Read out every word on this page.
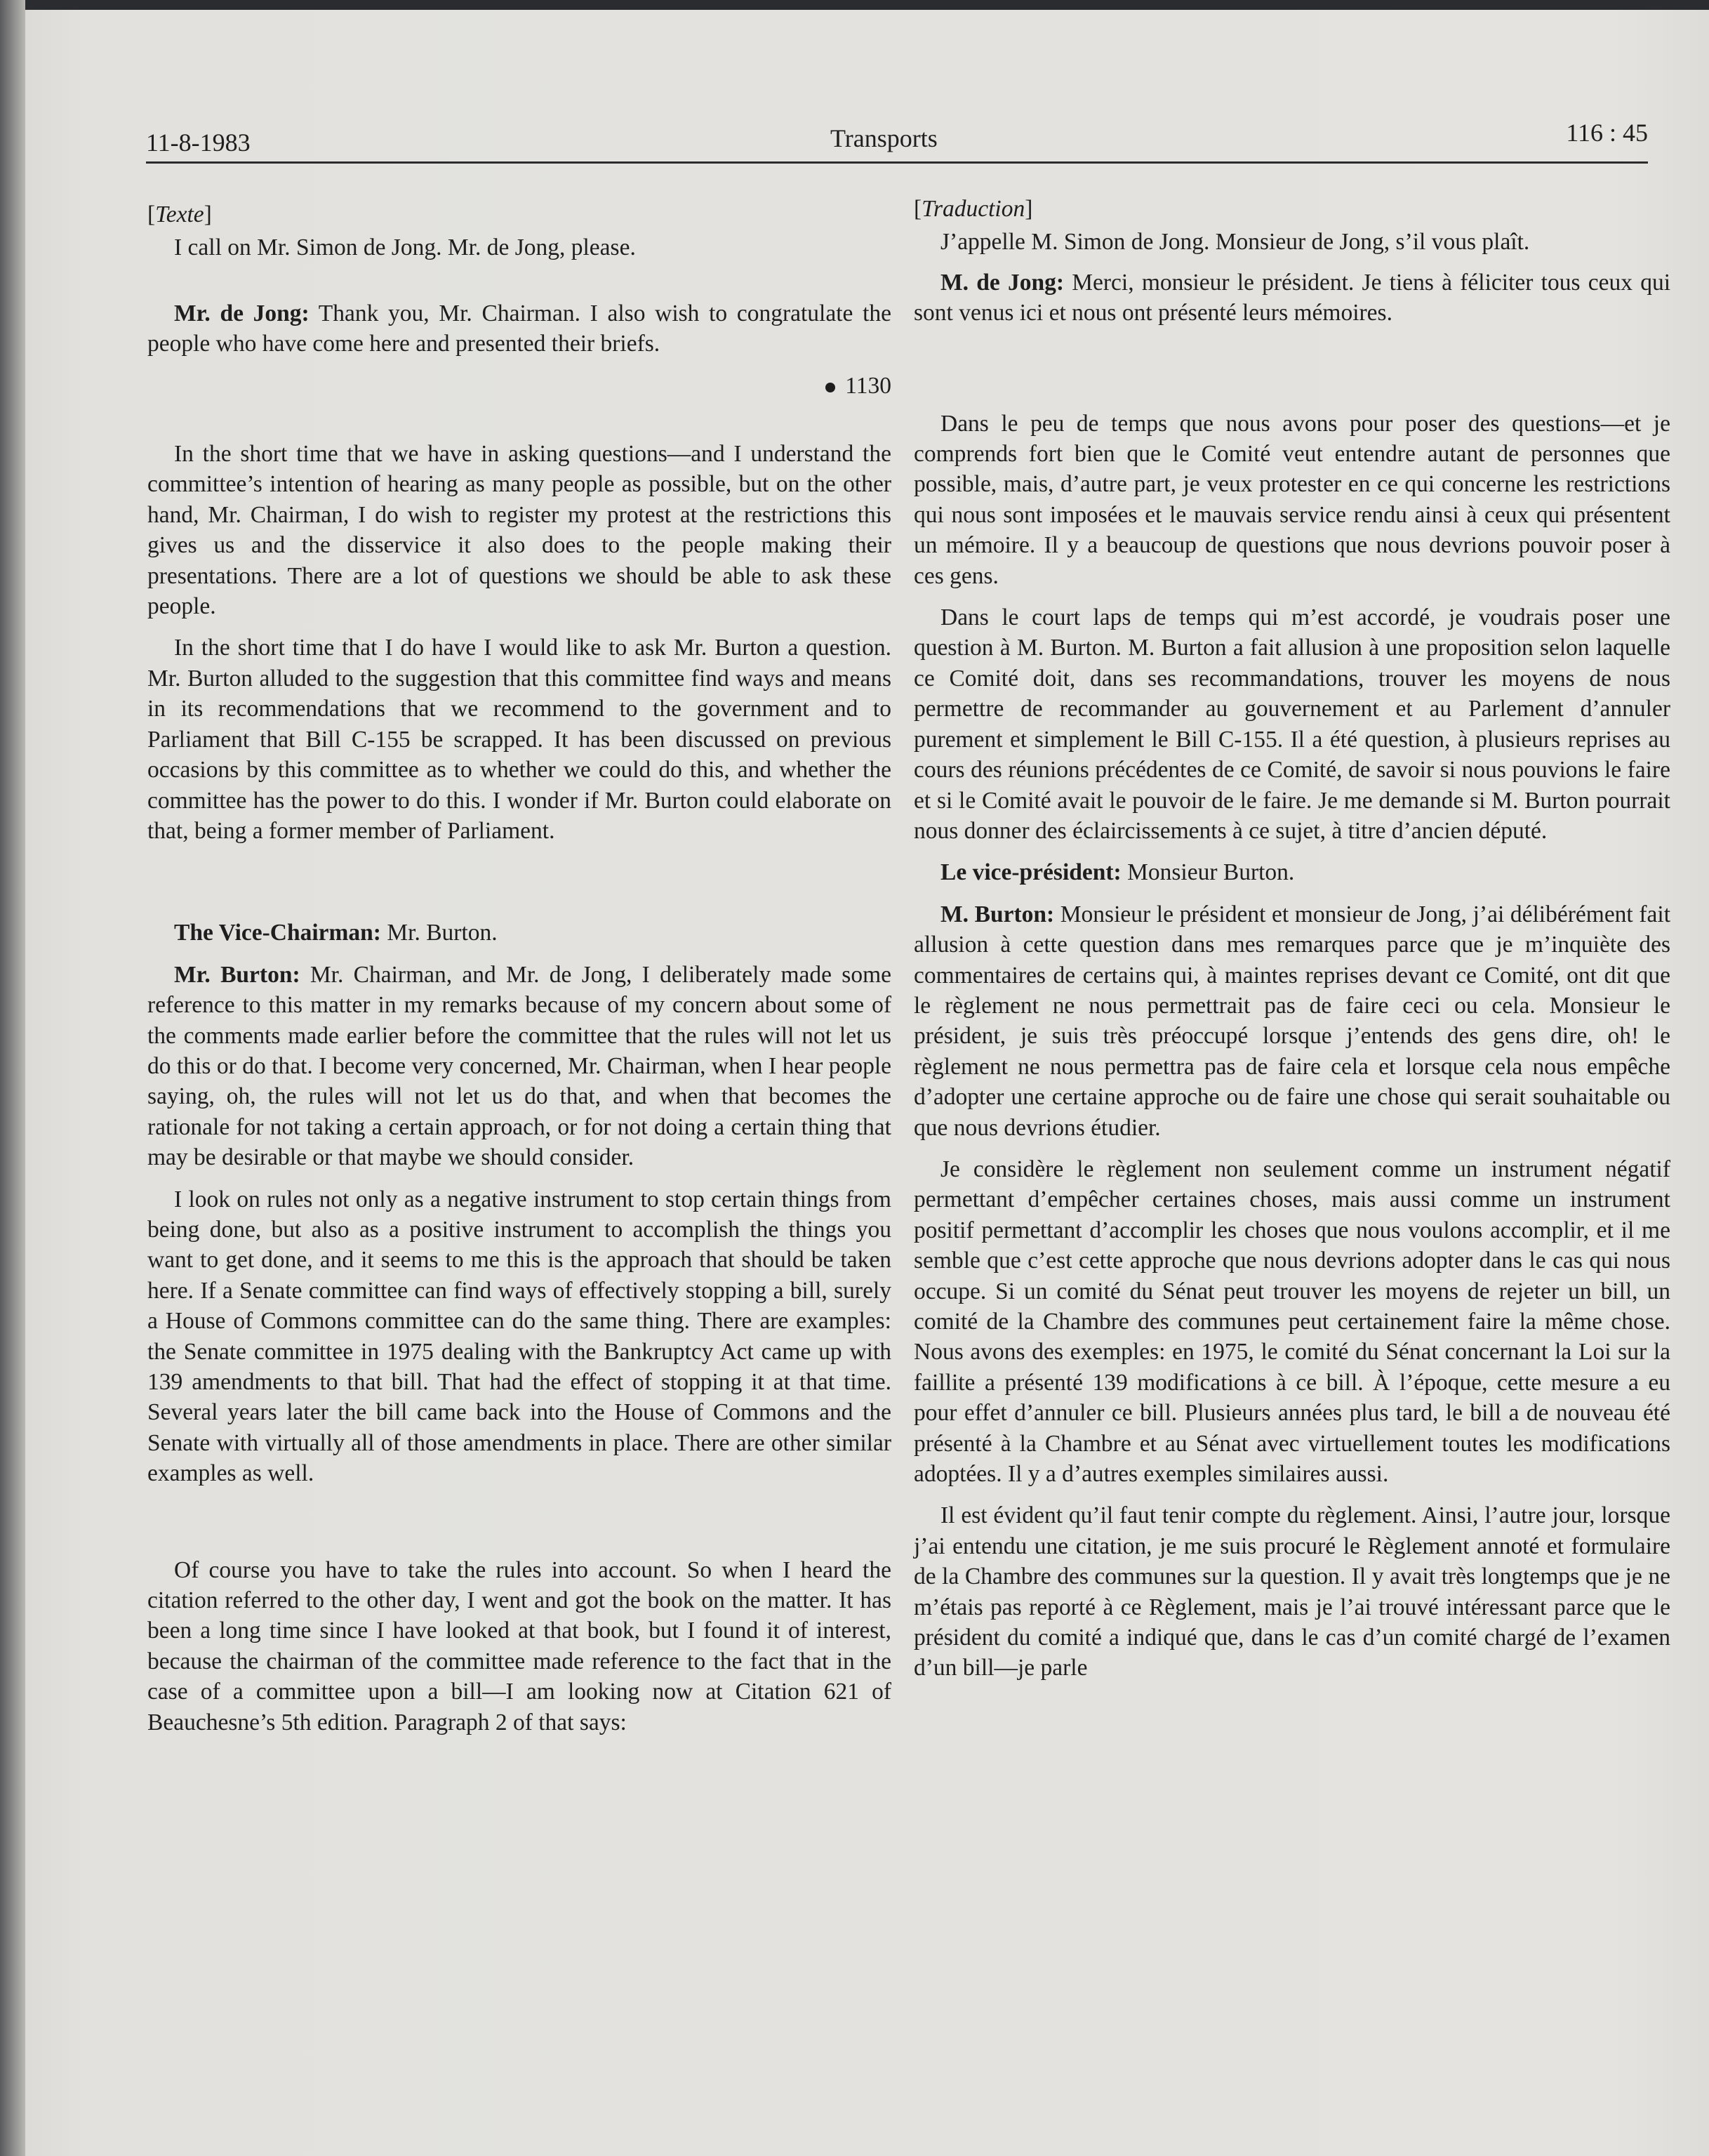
11-8-1983	Transports	116 : 45

[Texte]

I call on Mr. Simon de Jong. Mr. de Jong, please.

Mr. de Jong: Thank you, Mr. Chairman. I also wish to congratulate the people who have come here and presented their briefs.

1130

In the short time that we have in asking questions—and I understand the committee’s intention of hearing as many people as possible, but on the other hand, Mr. Chairman, I do wish to register my protest at the restrictions this gives us and the disservice it also does to the people making their presentations. There are a lot of questions we should be able to ask these people.

In the short time that I do have I would like to ask Mr. Burton a question. Mr. Burton alluded to the suggestion that this committee find ways and means in its recommendations that we recommend to the government and to Parliament that Bill C-155 be scrapped. It has been discussed on previous occasions by this committee as to whether we could do this, and whether the committee has the power to do this. I wonder if Mr. Burton could elaborate on that, being a former member of Parliament.

The Vice-Chairman: Mr. Burton.

Mr. Burton: Mr. Chairman, and Mr. de Jong, I deliberately made some reference to this matter in my remarks because of my concern about some of the comments made earlier before the committee that the rules will not let us do this or do that. I become very concerned, Mr. Chairman, when I hear people saying, oh, the rules will not let us do that, and when that becomes the rationale for not taking a certain approach, or for not doing a certain thing that may be desirable or that maybe we should consider.

I look on rules not only as a negative instrument to stop certain things from being done, but also as a positive instrument to accomplish the things you want to get done, and it seems to me this is the approach that should be taken here. If a Senate committee can find ways of effectively stopping a bill, surely a House of Commons committee can do the same thing. There are examples: the Senate committee in 1975 dealing with the Bankruptcy Act came up with 139 amendments to that bill. That had the effect of stopping it at that time. Several years later the bill came back into the House of Commons and the Senate with virtually all of those amendments in place. There are other similar examples as well.

Of course you have to take the rules into account. So when I heard the citation referred to the other day, I went and got the book on the matter. It has been a long time since I have looked at that book, but I found it of interest, because the chairman of the committee made reference to the fact that in the case of a committee upon a bill—I am looking now at Citation 621 of Beauchesne’s 5th edition. Paragraph 2 of that says:

[Traduction]

J’appelle M. Simon de Jong. Monsieur de Jong, s’il vous plaît.

M. de Jong: Merci, monsieur le président. Je tiens à féliciter tous ceux qui sont venus ici et nous ont présenté leurs mémoires.

Dans le peu de temps que nous avons pour poser des questions—et je comprends fort bien que le Comité veut entendre autant de personnes que possible, mais, d’autre part, je veux protester en ce qui concerne les restrictions qui nous sont imposées et le mauvais service rendu ainsi à ceux qui présentent un mémoire. Il y a beaucoup de questions que nous devrions pouvoir poser à ces gens.

Dans le court laps de temps qui m’est accordé, je voudrais poser une question à M. Burton. M. Burton a fait allusion à une proposition selon laquelle ce Comité doit, dans ses recommandations, trouver les moyens de nous permettre de recommander au gouvernement et au Parlement d’annuler purement et simplement le Bill C-155. Il a été question, à plusieurs reprises au cours des réunions précédentes de ce Comité, de savoir si nous pouvions le faire et si le Comité avait le pouvoir de le faire. Je me demande si M. Burton pourrait nous donner des éclaircissements à ce sujet, à titre d’ancien député.

Le vice-président: Monsieur Burton.

M. Burton: Monsieur le président et monsieur de Jong, j’ai délibérément fait allusion à cette question dans mes remarques parce que je m’inquiète des commentaires de certains qui, à maintes reprises devant ce Comité, ont dit que le règlement ne nous permettrait pas de faire ceci ou cela. Monsieur le président, je suis très préoccupé lorsque j’entends des gens dire, oh! le règlement ne nous permettra pas de faire cela et lorsque cela nous empêche d’adopter une certaine approche ou de faire une chose qui serait souhaitable ou que nous devrions étudier.

Je considère le règlement non seulement comme un instrument négatif permettant d’empêcher certaines choses, mais aussi comme un instrument positif permettant d’accomplir les choses que nous voulons accomplir, et il me semble que c’est cette approche que nous devrions adopter dans le cas qui nous occupe. Si un comité du Sénat peut trouver les moyens de rejeter un bill, un comité de la Chambre des communes peut certainement faire la même chose. Nous avons des exemples: en 1975, le comité du Sénat concernant la Loi sur la faillite a présenté 139 modifications à ce bill. À l’époque, cette mesure a eu pour effet d’annuler ce bill. Plusieurs années plus tard, le bill a de nouveau été présenté à la Chambre et au Sénat avec virtuellement toutes les modifications adoptées. Il y a d’autres exemples similaires aussi.

Il est évident qu’il faut tenir compte du règlement. Ainsi, l’autre jour, lorsque j’ai entendu une citation, je me suis procuré le Règlement annoté et formulaire de la Chambre des communes sur la question. Il y avait très longtemps que je ne m’étais pas reporté à ce Règlement, mais je l’ai trouvé intéressant parce que le président du comité a indiqué que, dans le cas d’un comité chargé de l’examen d’un bill—je parle
